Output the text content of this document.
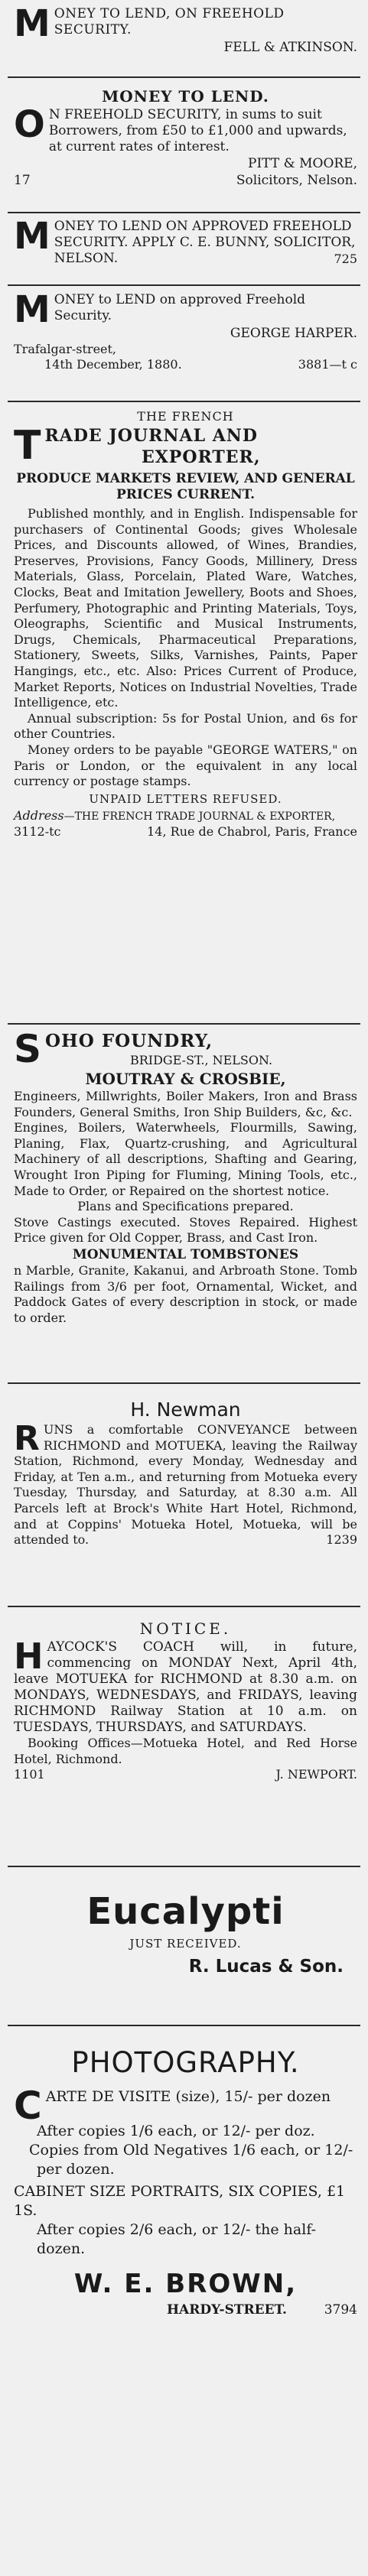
M ONEY TO LEND, ON FREEHOLD SECURITY.
FELL & ATKINSON.
MONEY TO LEND.
O N FREEHOLD SECURITY, in sums to suit Borrowers, from £50 to £1,000 and upwards, at current rates of interest.
PITT & MOORE,
17	Solicitors, Nelson.
M ONEY TO LEND ON APPROVED FREEHOLD SECURITY. APPLY C. E. BUNNY, SOLICITOR, NELSON.	725
M ONEY to LEND on approved Freehold Security.
GEORGE HARPER.
Trafalgar-street,
14th December, 1880.	3881—t c
THE FRENCH
T RADE JOURNAL AND
EXPORTER,
PRODUCE MARKETS REVIEW, AND GENERAL PRICES CURRENT.

Published monthly, and in English. Indispensable for purchasers of Continental Goods; gives Wholesale Prices, and Discounts allowed, of Wines, Brandies, Preserves, Provisions, Fancy Goods, Millinery, Dress Materials, Glass, Porcelain, Plated Ware, Watches, Clocks, Beat and Imitation Jewellery, Boots and Shoes, Perfumery, Photographic and Printing Materials, Toys, Oleographs, Scientific and Musical Instruments, Drugs, Chemicals, Pharmaceutical Preparations, Stationery, Sweets, Silks, Varnishes, Paints, Paper Hangings, etc., etc. Also: Prices Current of Produce, Market Reports, Notices on Industrial Novelties, Trade Intelligence, etc.

Annual subscription: 5s for Postal Union, and 6s for other Countries.

Money orders to be payable "GEORGE WATERS," on Paris or London, or the equivalent in any local currency or postage stamps.

UNPAID LETTERS REFUSED.
Address—THE FRENCH TRADE JOURNAL & EXPORTER,
3112-tc	14, Rue de Chabrol, Paris, France
S OHO FOUNDRY,
BRIDGE-ST., NELSON.
MOUTRAY & CROSBIE,

Engineers, Millwrights, Boiler Makers, Iron and Brass Founders, General Smiths, Iron Ship Builders, &c, &c.

Engines, Boilers, Waterwheels, Flourmills, Sawing, Planing, Flax, Quartz-crushing, and Agricultural Machinery of all descriptions, Shafting and Gearing, Wrought Iron Piping for Fluming, Mining Tools, etc., Made to Order, or Repaired on the shortest notice.

Plans and Specifications prepared.

Stove Castings executed. Stoves Repaired. Highest Price given for Old Copper, Brass, and Cast Iron.

MONUMENTAL TOMBSTONES

n Marble, Granite, Kakanui, and Arbroath Stone. Tomb Railings from 3/6 per foot, Ornamental, Wicket, and Paddock Gates of every description in stock, or made to order.

H. Newman

R UNS a comfortable CONVEYANCE between RICHMOND and MOTUEKA, leaving the Railway Station, Richmond, every Monday, Wednesday and Friday, at Ten a.m., and returning from Motueka every Tuesday, Thursday, and Saturday, at 8.30 a.m. All Parcels left at Brock's White Hart Hotel, Richmond, and at Coppins' Motueka Hotel, Motueka, will be attended to.	1239

NOTICE.

H AYCOCK'S COACH will, in future, commencing on MONDAY Next, April 4th, leave MOTUEKA for RICHMOND at 8.30 a.m. on MONDAYS, WEDNESDAYS, and FRIDAYS, leaving RICHMOND Railway Station at 10 a.m. on TUESDAYS, THURSDAYS, and SATURDAYS.

Booking Offices—Motueka Hotel, and Red Horse Hotel, Richmond.

1101	J. NEWPORT.
Eucalypti
JUST RECEIVED.
R. Lucas & Son.
PHOTOGRAPHY.
C ARTE DE VISITE (size), 15/- per dozen
After copies 1/6 each, or 12/- per doz.
Copies from Old Negatives 1/6 each, or 12/- per dozen.
CABINET SIZE PORTRAITS, SIX COPIES, £1 1S.
After copies 2/6 each, or 12/- the half-dozen.
W. E. BROWN,
HARDY-STREET.	3794
